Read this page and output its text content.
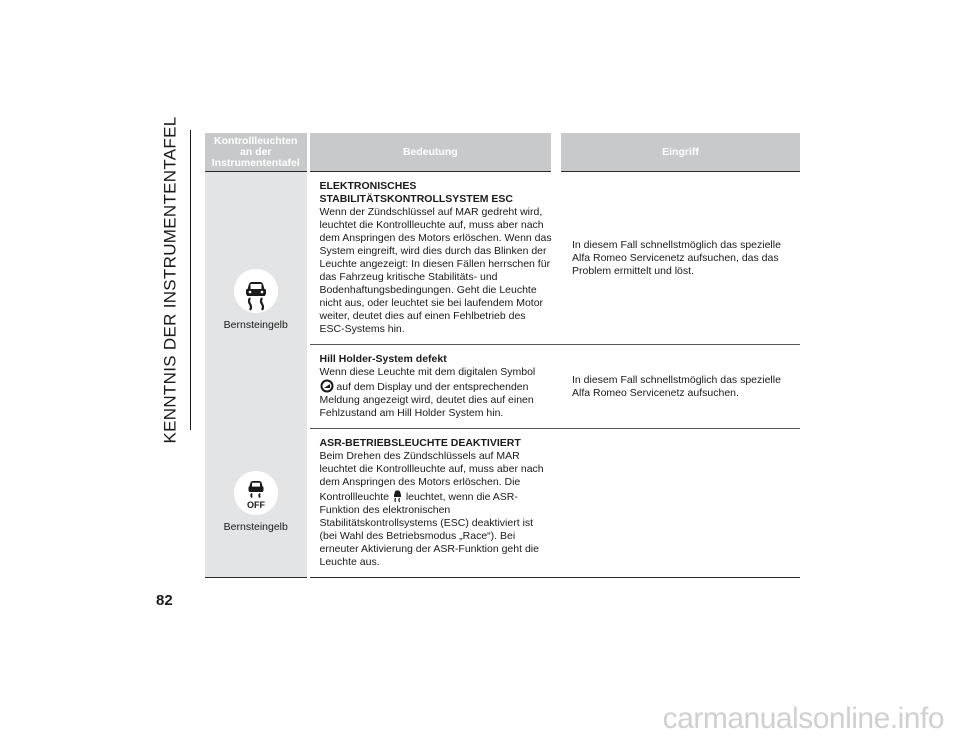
KENNTNIS DER INSTRUMENTENTAFEL	Kontrollleuchten an der Instrumententafel	Bedeutung	Eingriff

Bernsteingelb	ELEKTRONISCHES STABILITÄTSKONTROLLSYSTEM ESC
Wenn der Zündschlüssel auf MAR gedreht wird, leuchtet die Kontrollleuchte auf, muss aber nach dem Anspringen des Motors erlöschen. Wenn das System eingreift, wird dies durch das Blinken der Leuchte angezeigt: In diesen Fällen herrschen für das Fahrzeug kritische Stabilitäts- und Bodenhaftungsbedingungen. Geht die Leuchte nicht aus, oder leuchtet sie bei laufendem Motor weiter, deutet dies auf einen Fehlbetrieb des ESC-Systems hin.	In diesem Fall schnellstmöglich das spezielle Alfa Romeo Servicenetz aufsuchen, das das Problem ermittelt und löst.

	Hill Holder-System defekt
Wenn diese Leuchte mit dem digitalen Symbol  auf dem Display und der entsprechenden Meldung angezeigt wird, deutet dies auf einen Fehlzustand am Hill Holder System hin.	In diesem Fall schnellstmöglich das spezielle Alfa Romeo Servicenetz aufsuchen.

OFF
Bernsteingelb	ASR-BETRIEBSLEUCHTE DEAKTIVIERT
Beim Drehen des Zündschlüssels auf MAR leuchtet die Kontrollleuchte auf, muss aber nach dem Anspringen des Motors erlöschen. Die Kontrollleuchte leuchtet, wenn die ASR-Funktion des elektronischen Stabilitätskontrollsystems (ESC) deaktiviert ist (bei Wahl des Betriebsmodus „Race“). Bei erneuter Aktivierung der ASR-Funktion geht die Leuchte aus.	
82
carmanualsonline.info
